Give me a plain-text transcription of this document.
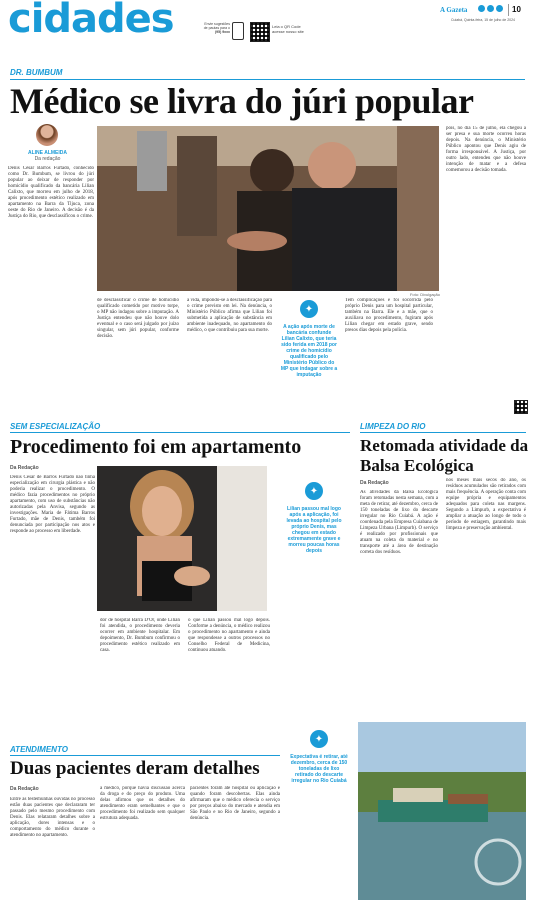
cidades	Envie sugestões de pautas para o
(95) 9xxx
Leia o QR Code
acesse nosso site
A Gazeta	10
Cuiabá, Quinta-feira, 15 de julho de 2024
DR. BUMBUM
Médico se livra do júri popular
ALINE ALMEIDA
Da redação
Denis César Barros Furtado, conhecido como Dr. Bumbum, se livrou do júri popular ao deixar de responder por homicídio qualificado da bancária Lilian Calixto, que morreu em julho de 2018, após procedimento estético realizado em apartamento na Barra da Tijuca, zona oeste do Rio de Janeiro. A decisão é da Justiça do Rio, que desclassificou o crime.
Foto: Divulgação
✦
A ação após morte de bancária confunde Lilian Calixto, que teria sido ferida em 2018 por crime de homicídio qualificado pelo Ministério Público do MP que indagar sobre a imputação
de desclassificar o crime de homicídio qualificado cometido por motivo torpe, o MP não indagou sobre a imputação. A Justiça entendeu que não houve dolo eventual e o caso será julgado por juízo singular, sem júri popular, conforme decisão.
a vida, impondo-se a desclassificação para o crime previsto em lei. Na denúncia, o Ministério Público afirma que Lilian foi submetida a aplicação de substância em ambiente inadequado, no apartamento do médico, o que contribuiu para sua morte.
Tem complicações e foi socorrida pelo próprio Denis para um hospital particular, também na Barra. Ele e a mãe, que o auxiliava no procedimento, fugiram após Lilian chegar em estado grave, sendo presos dias depois pela polícia.
pois, no dia 15 de julho, ela chegou a ser presa e sua morte ocorreu horas depois. Na denúncia, o Ministério Público apontou que Denis agiu de forma irresponsável. A Justiça, por outro lado, entendeu que não houve intenção de matar e a defesa comemorou a decisão tomada.
SEM ESPECIALIZAÇÃO
Procedimento foi em apartamento
Da Redação
Denis César de Barros Furtado não tinha especialização em cirurgia plástica e não poderia realizar o procedimento. O médico fazia procedimentos no próprio apartamento, com uso de substâncias não autorizadas pela Anvisa, segundo as investigações. Maria de Fátima Barros Furtado, mãe de Denis, também foi denunciada por participação nos atos e responde ao processo em liberdade.
✦
Lilian passou mal logo após a aplicação, foi levada ao hospital pelo próprio Denis, mas chegou em estado extremamente grave e morreu poucas horas depois
dor de hospital Barra D'Or, onde Lilian foi atendida, o procedimento deveria ocorrer em ambiente hospitalar. Em depoimento, Dr. Bumbum confirmou o procedimento estético realizado em casa.
o que Lilian passou mal logo depois. Conforme a denúncia, o médico realizou o procedimento no apartamento e ainda que respondesse a outros processos no Conselho Federal de Medicina, continuou atuando.
LIMPEZA DO RIO
Retomada atividade da Balsa Ecológica
Da Redação
As atividades da Balsa Ecológica foram retomadas nesta semana, com a meta de retirar, até dezembro, cerca de 150 toneladas de lixo do descarte irregular no Rio Cuiabá. A ação é coordenada pela Empresa Cuiabana de Limpeza Urbana (Limpurb). O serviço é realizado por profissionais que atuam na coleta do material e no transporte até a área de destinação correta dos resíduos.
nos meses mais secos do ano, os resíduos acumulados são retirados com mais frequência. A operação conta com equipe própria e equipamentos adequados para coleta nas margens. Segundo a Limpurb, a expectativa é ampliar a atuação ao longo de todo o período de estiagem, garantindo mais limpeza e preservação ambiental.
✦
Expectativa é retirar, até dezembro, cerca de 150 toneladas de lixo retirado do descarte irregular no Rio Cuiabá
ATENDIMENTO
Duas pacientes deram detalhes
Da Redação
Entre as testemunhas ouvidas no processo estão duas pacientes que declararam ter passado pelo mesmo procedimento com Denis. Elas relataram detalhes sobre a aplicação, dores intensas e o comportamento do médico durante o atendimento no apartamento.
a médico, porque havia discussão acerca da droga e do preço do produto. Uma delas afirmou que os detalhes do atendimento eram semelhantes e que o procedimento foi realizado sem qualquer estrutura adequada.
pacientes foram até hospital ou aplicação e quando foram descobertas. Elas ainda afirmaram que o médico oferecia o serviço por preços abaixo do mercado e atendia em São Paulo e no Rio de Janeiro, segundo a denúncia.
